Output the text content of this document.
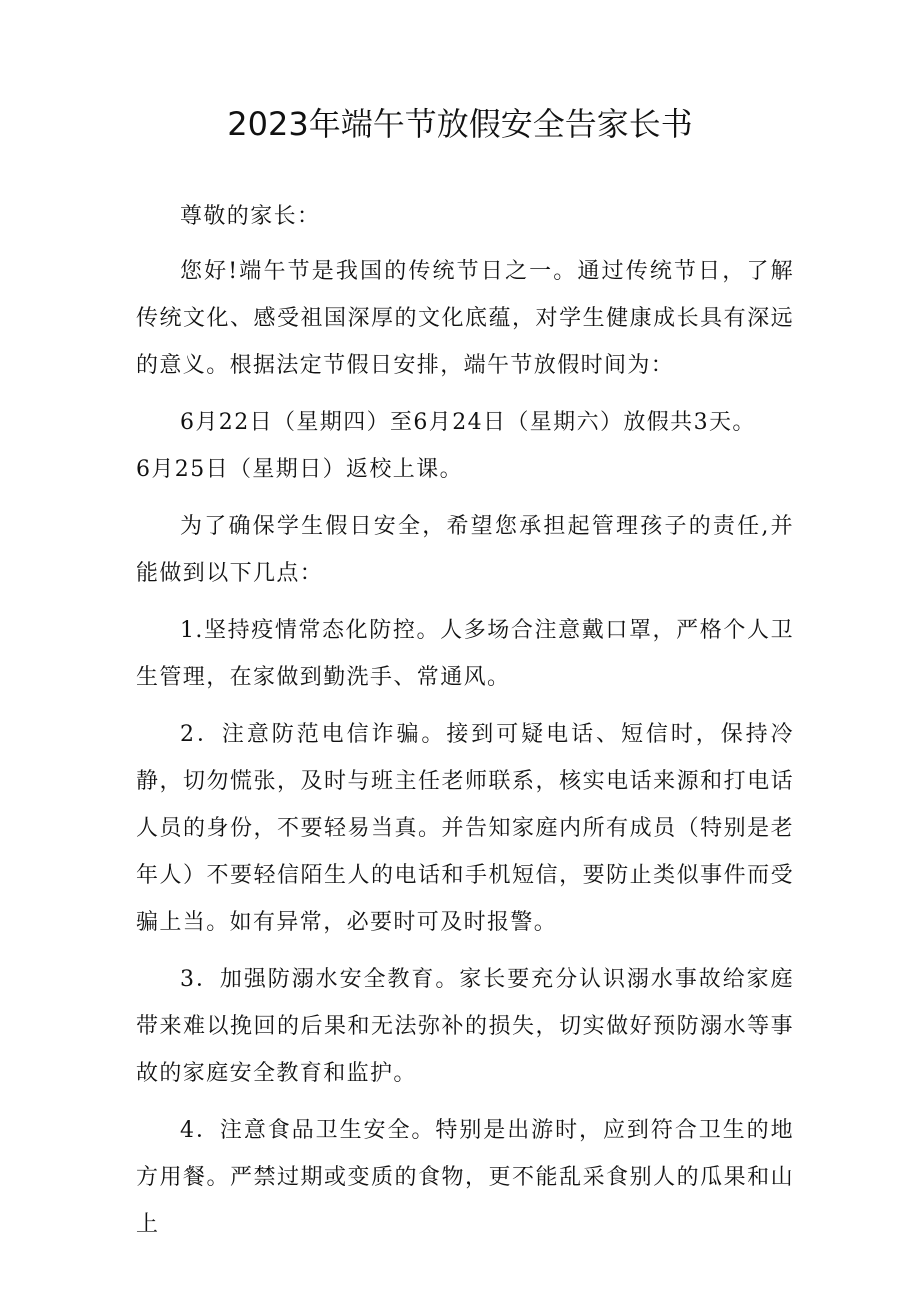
2023年端午节放假安全告家长书

尊敬的家长：

您好!端午节是我国的传统节日之一。通过传统节日，了解传统文化、感受祖国深厚的文化底蕴，对学生健康成长具有深远的意义。根据法定节假日安排，端午节放假时间为：

6月22日（星期四）至6月24日（星期六）放假共3天。

6月25日（星期日）返校上课。

为了确保学生假日安全，希望您承担起管理孩子的责任,并能做到以下几点：

1.坚持疫情常态化防控。人多场合注意戴口罩，严格个人卫生管理，在家做到勤洗手、常通风。

2．注意防范电信诈骗。接到可疑电话、短信时，保持冷静，切勿慌张，及时与班主任老师联系，核实电话来源和打电话人员的身份，不要轻易当真。并告知家庭内所有成员（特别是老年人）不要轻信陌生人的电话和手机短信，要防止类似事件而受骗上当。如有异常，必要时可及时报警。

3．加强防溺水安全教育。家长要充分认识溺水事故给家庭带来难以挽回的后果和无法弥补的损失，切实做好预防溺水等事故的家庭安全教育和监护。

4．注意食品卫生安全。特别是出游时，应到符合卫生的地方用餐。严禁过期或变质的食物，更不能乱采食别人的瓜果和山上
